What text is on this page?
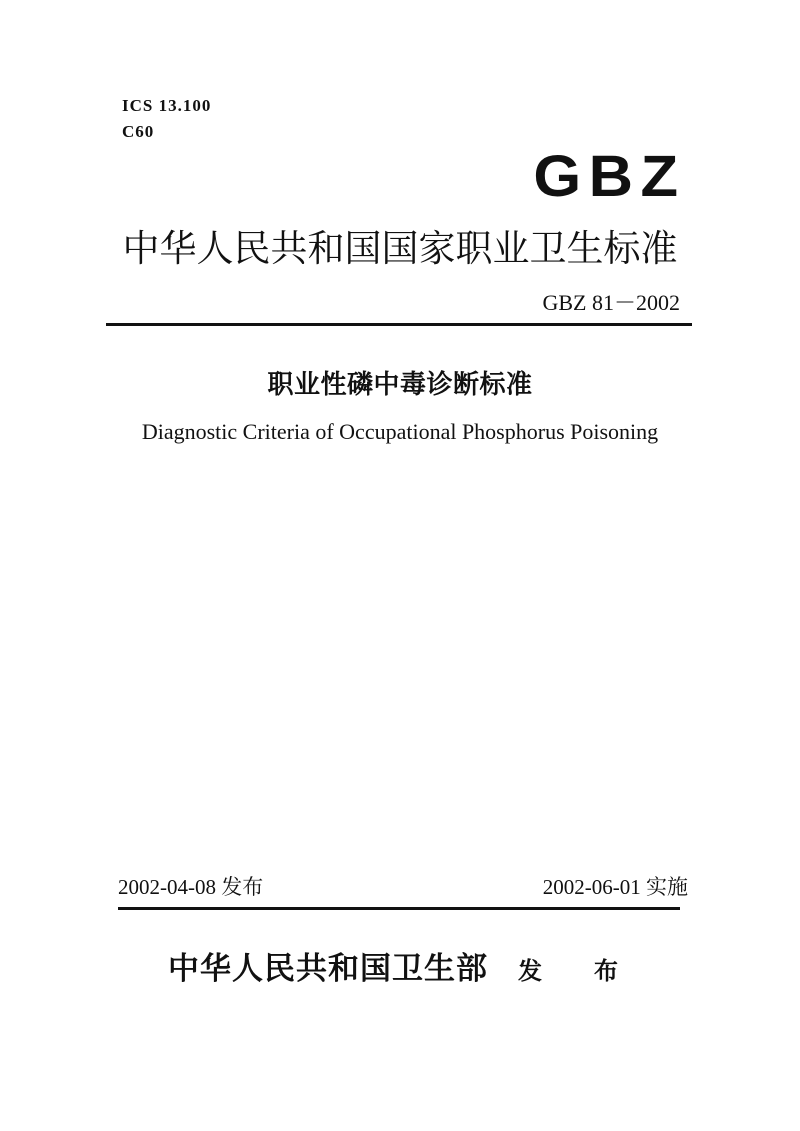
ICS 13.100
C60
GBZ
中华人民共和国国家职业卫生标准
GBZ 81－2002
职业性磷中毒诊断标准
Diagnostic Criteria of Occupational Phosphorus Poisoning
2002-04-08 发布	2002-06-01 实施
中华人民共和国卫生部 发　布
